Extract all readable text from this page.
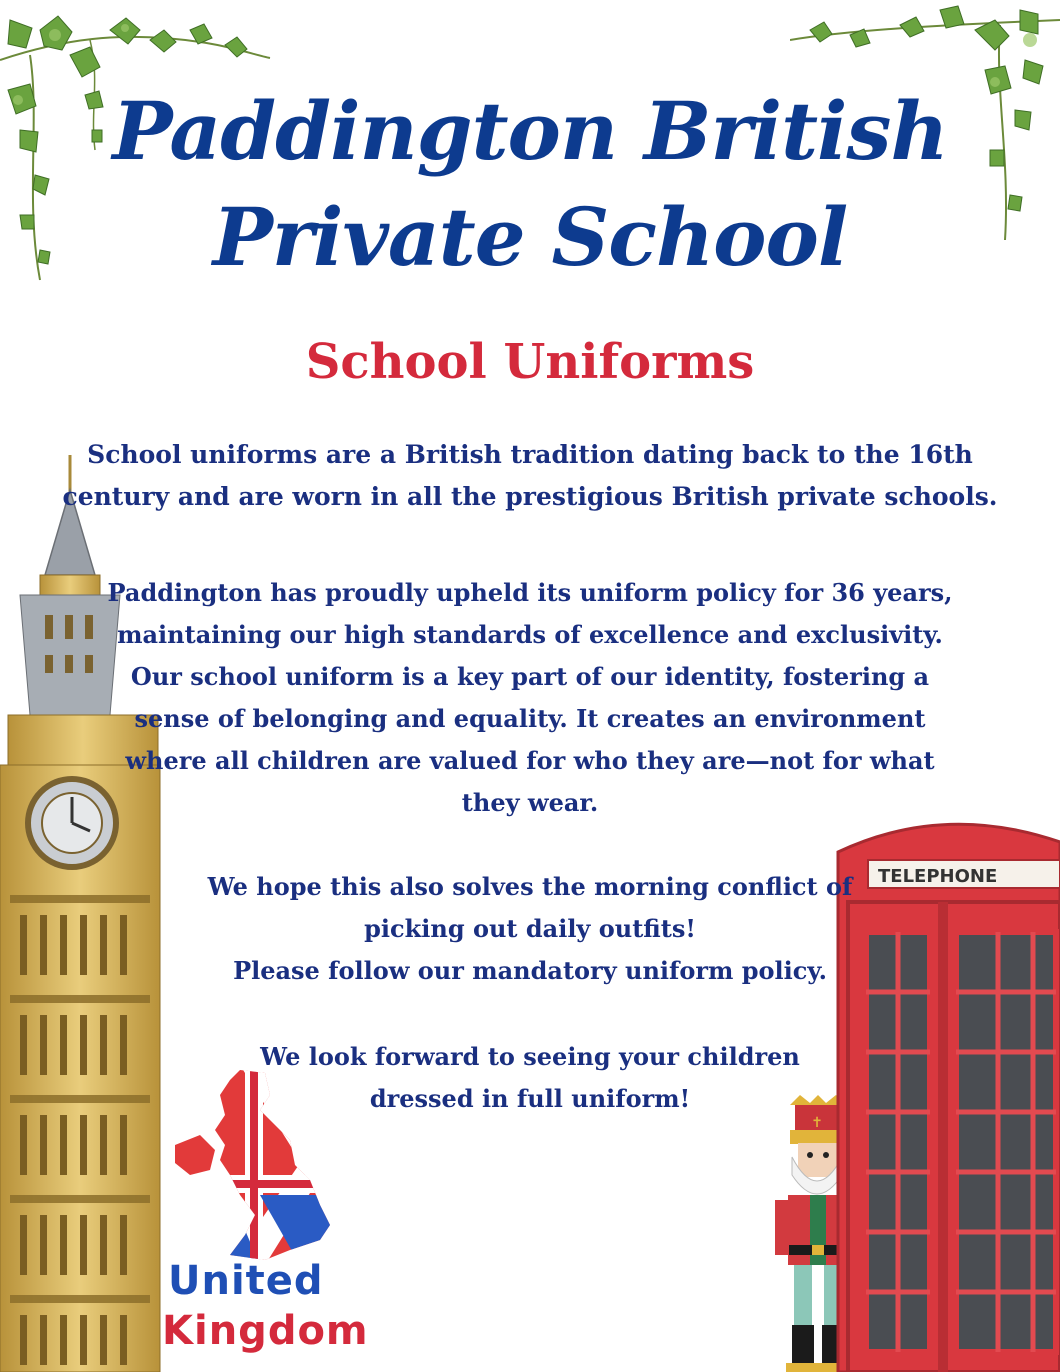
Paddington British
Private School
School Uniforms
United
Kingdom
✝
TELEPHONE
School uniforms are a British tradition dating back to the 16th
century and are worn in all the prestigious British private schools.
Paddington has proudly upheld its uniform policy for 36 years,
maintaining our high standards of excellence and exclusivity.
Our school uniform is a key part of our identity, fostering a
sense of belonging and equality. It creates an environment
where all children are valued for who they are—not for what
they wear.
We hope this also solves the morning conflict of
picking out daily outfits!
Please follow our mandatory uniform policy.
We look forward to seeing your children
dressed in full uniform!
